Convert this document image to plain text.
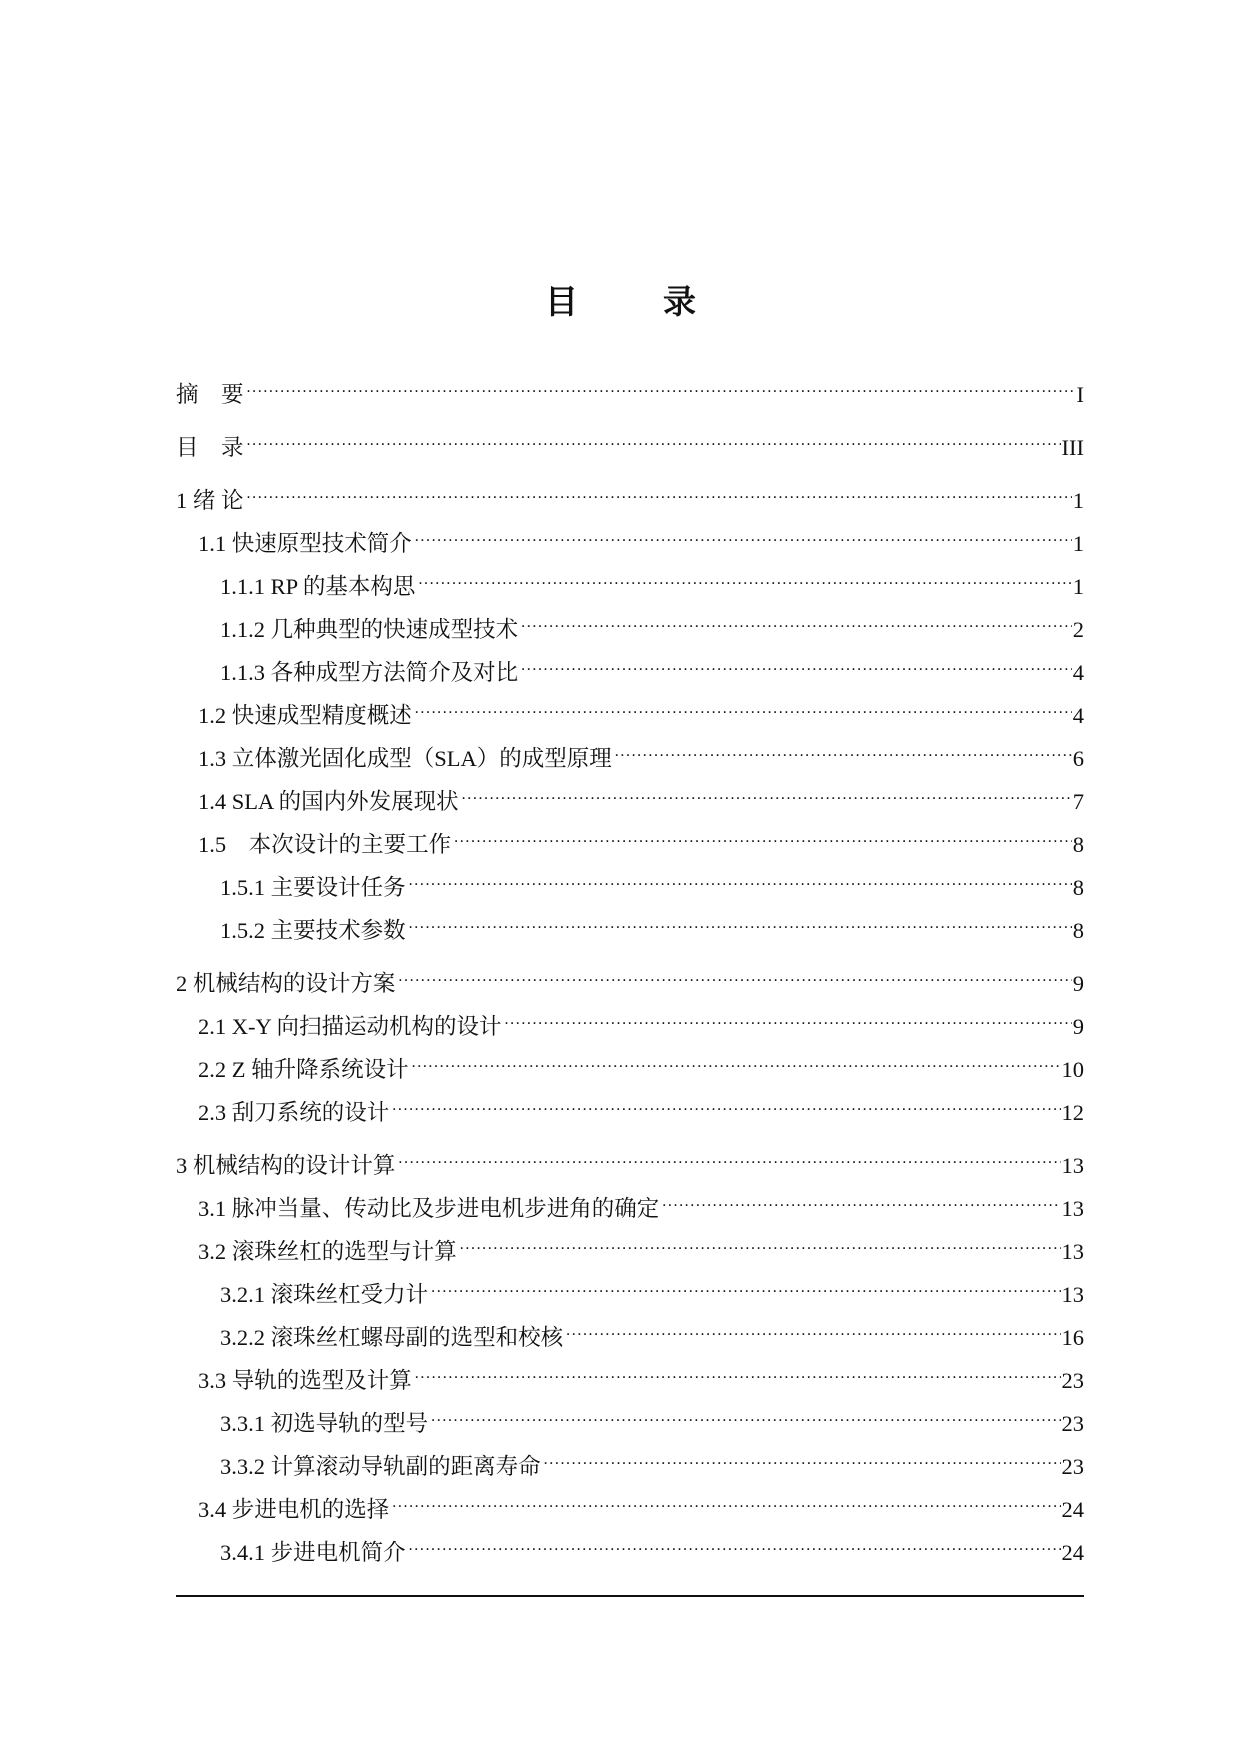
目　录
摘　要 .....	I
目　录 .....	III
1 绪 论 .....	1
1.1 快速原型技术简介 .....	1
1.1.1 RP 的基本构思 .....	1
1.1.2 几种典型的快速成型技术 .....	2
1.1.3 各种成型方法简介及对比 .....	4
1.2 快速成型精度概述 .....	4
1.3 立体激光固化成型（SLA）的成型原理 .....	6
1.4 SLA 的国内外发展现状 .....	7
1.5　本次设计的主要工作 .....	8
1.5.1 主要设计任务 .....	8
1.5.2 主要技术参数 .....	8
2 机械结构的设计方案 .....	9
2.1 X-Y 向扫描运动机构的设计 .....	9
2.2 Z 轴升降系统设计 .....	10
2.3 刮刀系统的设计 .....	12
3 机械结构的设计计算 .....	13
3.1 脉冲当量、传动比及步进电机步进角的确定 .....	13
3.2 滚珠丝杠的选型与计算 .....	13
3.2.1 滚珠丝杠受力计 .....	13
3.2.2 滚珠丝杠螺母副的选型和校核 .....	16
3.3 导轨的选型及计算 .....	23
3.3.1 初选导轨的型号 .....	23
3.3.2 计算滚动导轨副的距离寿命 .....	23
3.4 步进电机的选择 .....	24
3.4.1 步进电机简介 .....	24
